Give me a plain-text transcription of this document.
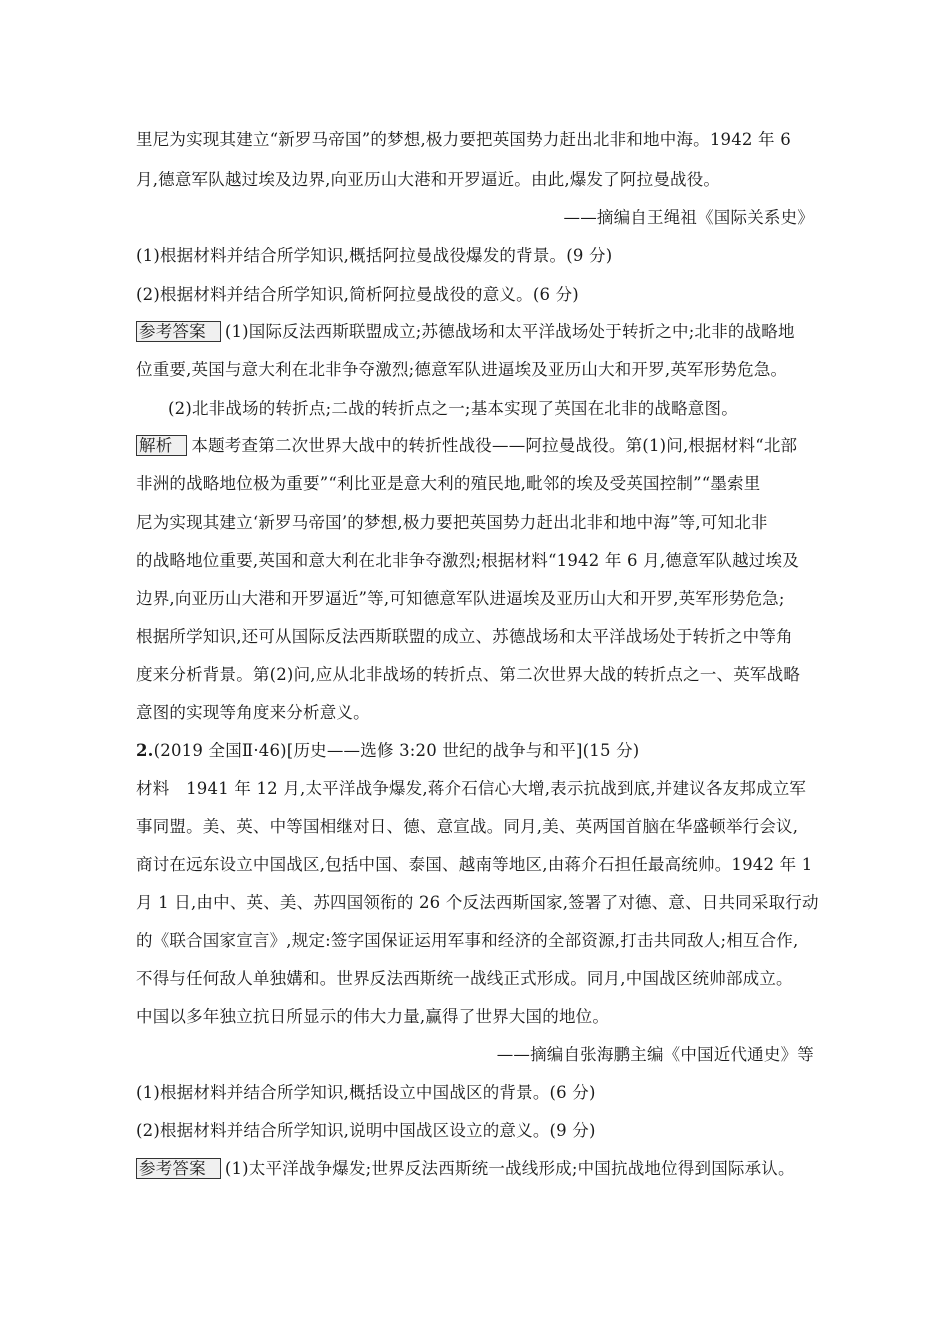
里尼为实现其建立“新罗马帝国”的梦想,极力要把英国势力赶出北非和地中海。1942 年 6
月,德意军队越过埃及边界,向亚历山大港和开罗逼近。由此,爆发了阿拉曼战役。
——摘编自王绳祖《国际关系史》
(1)根据材料并结合所学知识,概括阿拉曼战役爆发的背景。(9 分)
(2)根据材料并结合所学知识,简析阿拉曼战役的意义。(6 分)
参考答案 (1)国际反法西斯联盟成立;苏德战场和太平洋战场处于转折之中;北非的战略地
位重要,英国与意大利在北非争夺激烈;德意军队进逼埃及亚历山大和开罗,英军形势危急。
(2)北非战场的转折点;二战的转折点之一;基本实现了英国在北非的战略意图。
解析 本题考查第二次世界大战中的转折性战役——阿拉曼战役。第(1)问,根据材料“北部
非洲的战略地位极为重要”“利比亚是意大利的殖民地,毗邻的埃及受英国控制”“墨索里
尼为实现其建立‘新罗马帝国’的梦想,极力要把英国势力赶出北非和地中海”等,可知北非
的战略地位重要,英国和意大利在北非争夺激烈;根据材料“1942 年 6 月,德意军队越过埃及
边界,向亚历山大港和开罗逼近”等,可知德意军队进逼埃及亚历山大和开罗,英军形势危急;
根据所学知识,还可从国际反法西斯联盟的成立、苏德战场和太平洋战场处于转折之中等角
度来分析背景。第(2)问,应从北非战场的转折点、第二次世界大战的转折点之一、英军战略
意图的实现等角度来分析意义。
2.(2019 全国Ⅱ·46)[历史——选修 3:20 世纪的战争与和平](15 分)
材料　1941 年 12 月,太平洋战争爆发,蒋介石信心大增,表示抗战到底,并建议各友邦成立军
事同盟。美、英、中等国相继对日、德、意宣战。同月,美、英两国首脑在华盛顿举行会议,
商讨在远东设立中国战区,包括中国、泰国、越南等地区,由蒋介石担任最高统帅。1942 年 1
月 1 日,由中、英、美、苏四国领衔的 26 个反法西斯国家,签署了对德、意、日共同采取行动
的《联合国家宣言》,规定:签字国保证运用军事和经济的全部资源,打击共同敌人;相互合作,
不得与任何敌人单独媾和。世界反法西斯统一战线正式形成。同月,中国战区统帅部成立。
中国以多年独立抗日所显示的伟大力量,赢得了世界大国的地位。
——摘编自张海鹏主编《中国近代通史》等
(1)根据材料并结合所学知识,概括设立中国战区的背景。(6 分)
(2)根据材料并结合所学知识,说明中国战区设立的意义。(9 分)
参考答案 (1)太平洋战争爆发;世界反法西斯统一战线形成;中国抗战地位得到国际承认。
